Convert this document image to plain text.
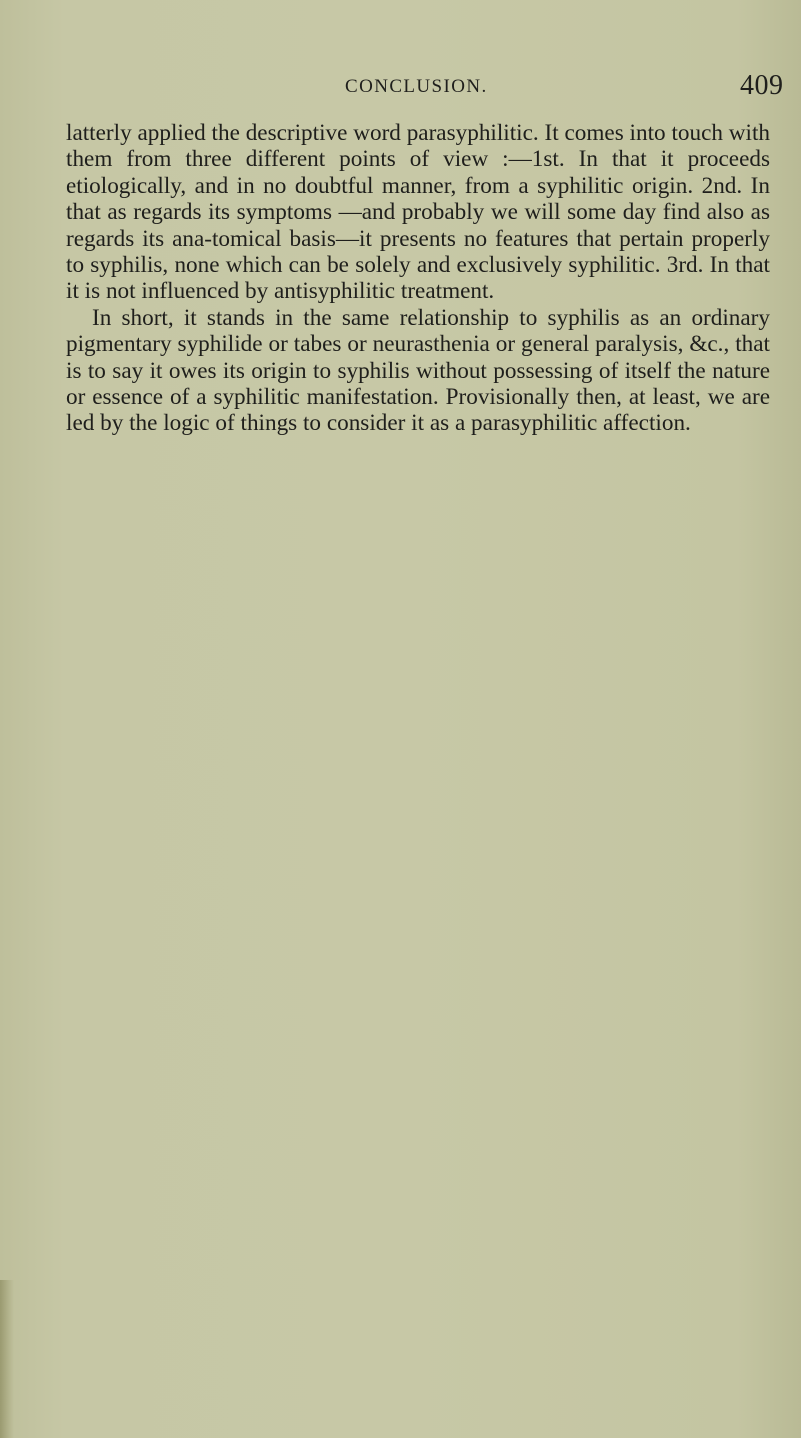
CONCLUSION.	409

latterly applied the descriptive word parasyphilitic. It comes into touch with them from three different points of view :—1st. In that it proceeds etiologically, and in no doubtful manner, from a syphilitic origin. 2nd. In that as regards its symptoms —and probably we will some day find also as regards its ana-tomical basis—it presents no features that pertain properly to syphilis, none which can be solely and exclusively syphilitic. 3rd. In that it is not influenced by antisyphilitic treatment.

In short, it stands in the same relationship to syphilis as an ordinary pigmentary syphilide or tabes or neurasthenia or general paralysis, &c., that is to say it owes its origin to syphilis without possessing of itself the nature or essence of a syphilitic manifestation. Provisionally then, at least, we are led by the logic of things to consider it as a parasyphilitic affection.
